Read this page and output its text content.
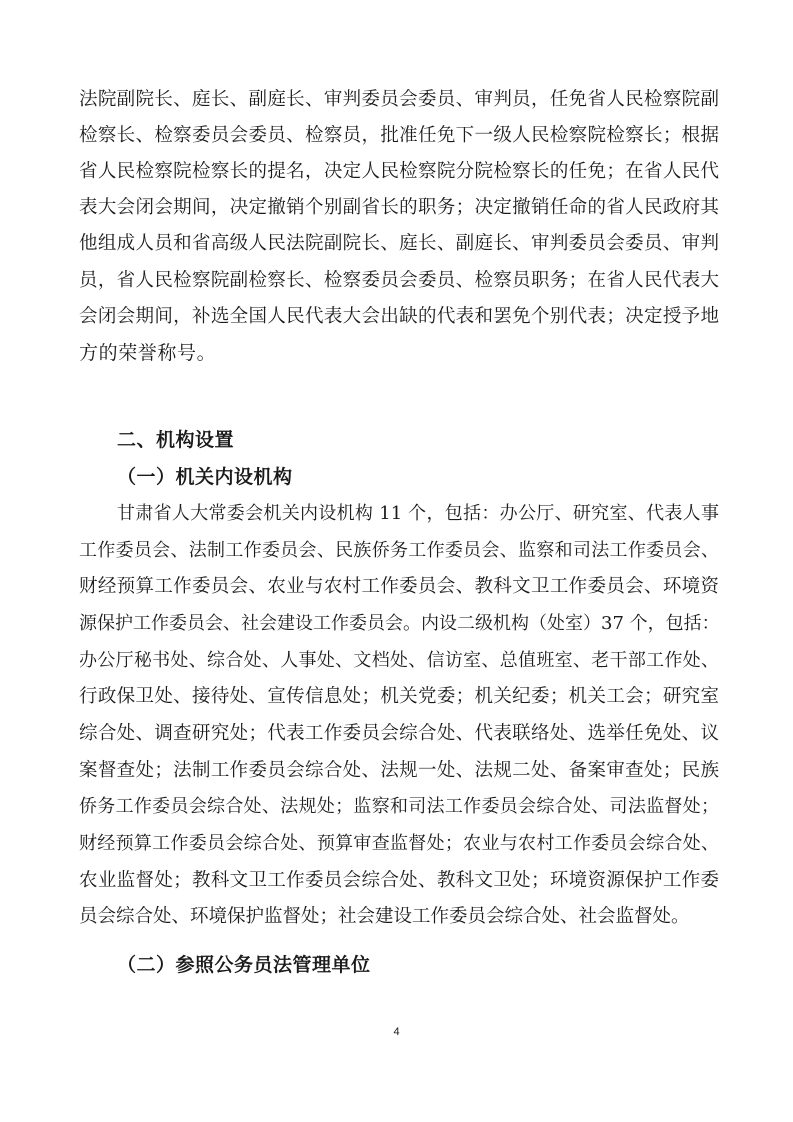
法院副院长、庭长、副庭长、审判委员会委员、审判员，任免省人民检察院副
检察长、检察委员会委员、检察员，批准任免下一级人民检察院检察长；根据
省人民检察院检察长的提名，决定人民检察院分院检察长的任免；在省人民代
表大会闭会期间，决定撤销个别副省长的职务；决定撤销任命的省人民政府其
他组成人员和省高级人民法院副院长、庭长、副庭长、审判委员会委员、审判
员，省人民检察院副检察长、检察委员会委员、检察员职务；在省人民代表大
会闭会期间，补选全国人民代表大会出缺的代表和罢免个别代表；决定授予地
方的荣誉称号。
二、机构设置
（一）机关内设机构
甘肃省人大常委会机关内设机构 11 个，包括：办公厅、研究室、代表人事
工作委员会、法制工作委员会、民族侨务工作委员会、监察和司法工作委员会、
财经预算工作委员会、农业与农村工作委员会、教科文卫工作委员会、环境资
源保护工作委员会、社会建设工作委员会。内设二级机构（处室）37 个，包括：
办公厅秘书处、综合处、人事处、文档处、信访室、总值班室、老干部工作处、
行政保卫处、接待处、宣传信息处；机关党委；机关纪委；机关工会；研究室
综合处、调查研究处；代表工作委员会综合处、代表联络处、选举任免处、议
案督查处；法制工作委员会综合处、法规一处、法规二处、备案审查处；民族
侨务工作委员会综合处、法规处；监察和司法工作委员会综合处、司法监督处；
财经预算工作委员会综合处、预算审查监督处；农业与农村工作委员会综合处、
农业监督处；教科文卫工作委员会综合处、教科文卫处；环境资源保护工作委
员会综合处、环境保护监督处；社会建设工作委员会综合处、社会监督处。
（二）参照公务员法管理单位
4
